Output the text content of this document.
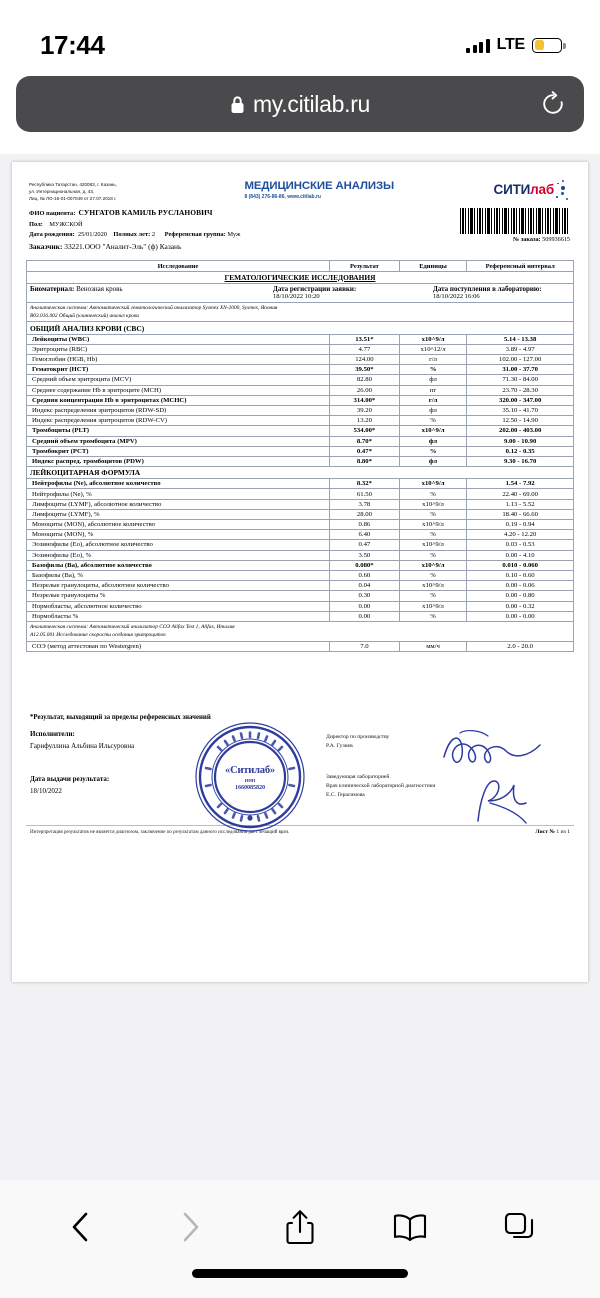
17:44	LTE
my.citilab.ru
Республика Татарстан, 420083, г. Казань,
ул. Интернациональная, д. 43,
Лиц. № ЛО-16-01-007049 от 27.07.2018 г.
МЕДИЦИНСКИЕ АНАЛИЗЫ
8 (843) 276-86-86, www.citilab.ru	СИТИлаб
ФИО пациента: СУНГАТОВ КАМИЛЬ РУСЛАНОВИЧ
Пол: МУЖСКОЙ
Дата рождения: 25/01/2020 Полных лет: 2 Референсная группа: Муж
Заказчик: 33221.ООО "Аналит-Эль" (ф) Казань
№ заказа: 509936615
Исследование	Результат	Единицы	Референсный интервал
ГЕМАТОЛОГИЧЕСКИЕ ИССЛЕДОВАНИЯ			

Биоматериал: Венозная кровь Дата регистрации заявки:
18/10/2022 10:20
Дата поступления в лабораторию:
18/10/2022 16:06			

Аналитическая система: Автоматический гематологический анализатор Sysmex XN-2000, Sysmex, Япония

B03.016.002 Общий (клинический) анализ крови			

ОБЩИЙ АНАЛИЗ КРОВИ (CBC)			
Лейкоциты (WBC)	13.51*	x10^9/л	5.14 - 13.38
Эритроциты (RBC)	4.77	x10^12/л	3.89 - 4.97
Гемоглобин (HGB, Hb)	124.00	г/л	102.00 - 127.00
Гематокрит (HCT)	39.50*	%	31.00 - 37.70
Средний объем эритроцита (MCV)	82.80	фл	71.30 - 84.00
Среднее содержание Hb в эритроците (MCH)	26.00	пг	23.70 - 28.30
Средняя концентрация Hb в эритроцитах (MCHC)	314.00*	г/л	320.00 - 347.00
Индекс распределения эритроцитов (RDW-SD)	39.20	фл	35.10 - 41.70
Индекс распределения эритроцитов (RDW-CV)	13.20	%	12.50 - 14.90
Тромбоциты (PLT)	534.00*	x10^9/л	202.00 - 403.00
Средний объем тромбоцита (MPV)	8.70*	фл	9.00 - 10.90
Тромбокрит (PCT)	0.47*	%	0.12 - 0.35
Индекс распред. тромбоцитов (PDW)	8.80*	фл	9.30 - 16.70
ЛЕЙКОЦИТАРНАЯ ФОРМУЛА			
Нейтрофилы (Ne), абсолютное количество	8.32*	x10^9/л	1.54 - 7.92
Нейтрофилы (Ne), %	61.50	%	22.40 - 69.00
Лимфоциты (LYMF), абсолютное количество	3.78	x10^9/л	1.13 - 5.52
Лимфоциты (LYMF), %	28.00	%	18.40 - 66.60
Моноциты (MON), абсолютное количество	0.86	x10^9/л	0.19 - 0.94
Моноциты (MON), %	6.40	%	4.20 - 12.20
Эозинофилы (Eo), абсолютное количество	0.47	x10^9/л	0.03 - 0.53
Эозинофилы (Eo), %	3.50	%	0.00 - 4.10
Базофилы (Ba), абсолютное количество	0.080*	x10^9/л	0.010 - 0.060
Базофилы (Ba), %	0.60	%	0.10 - 0.60
Незрелые гранулоциты, абсолютное количество	0.04	x10^9/л	0.00 - 0.06
Незрелые гранулоциты %	0.30	%	0.00 - 0.80
Нормобласты, абсолютное количество	0.00	x10^9/л	0.00 - 0.32
Нормобласты %	0.00	%	0.00 - 0.00

Аналитическая система: Автоматический анализатор СОЭ Alifax Test 1, Alifax, Италия

A12.05.001 Исследование скорости оседания эритроцитов			

СОЭ (метод аттестован по Westergren)	7.0	мм/ч	2.0 - 20.0
*Результат, выходящий за пределы референсных значений
Исполнители:
Гарифуллина Альбина Ильсуровна
Дата выдачи результата:
18/10/2022
«Ситилаб»
ИНН
1660085820
Директор по производству
Р.А. Гузиев
Заведующая лабораторией
Врач клинической лабораторной диагностики
Е.С. Герасимова
Интерпретация результатов не является диагнозом, заключение по результатам данного исследования дает лечащий врач.	Лист № 1 из 1
